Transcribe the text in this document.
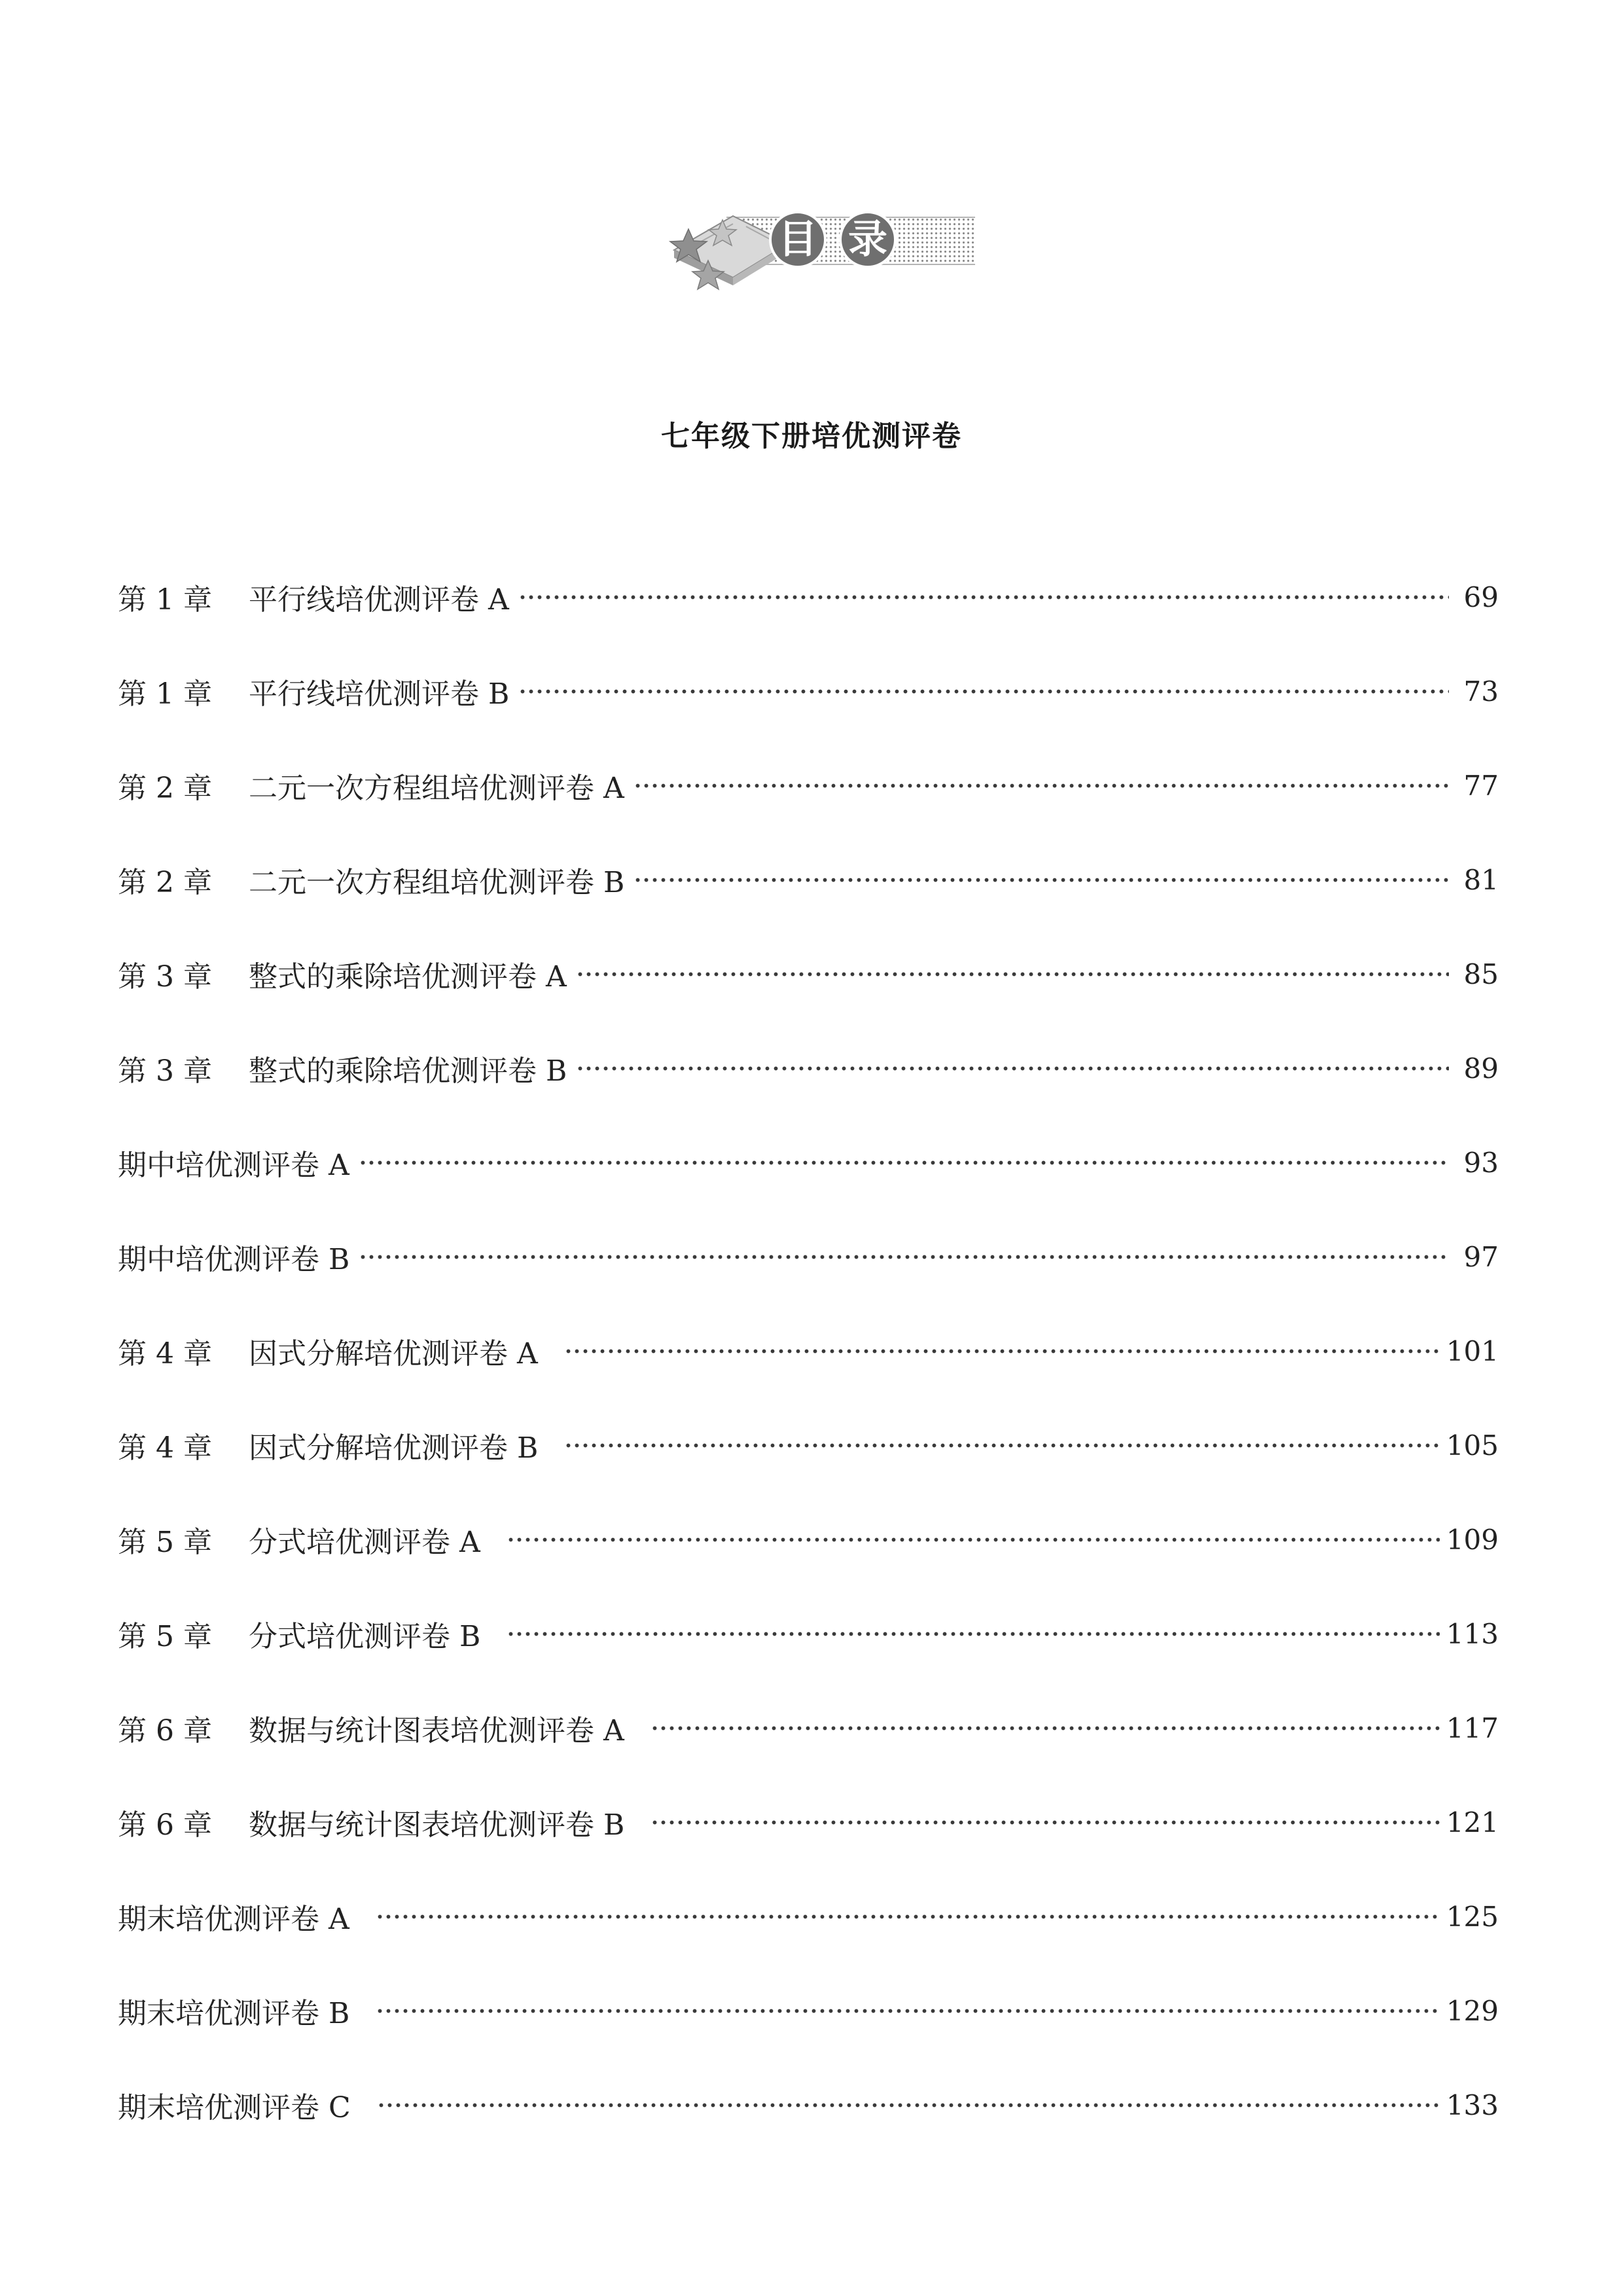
目 录
七年级下册培优测评卷
第 1 章 平行线培优测评卷 A	69
第 1 章 平行线培优测评卷 B	73
第 2 章 二元一次方程组培优测评卷 A	77
第 2 章 二元一次方程组培优测评卷 B	81
第 3 章 整式的乘除培优测评卷 A	85
第 3 章 整式的乘除培优测评卷 B	89
期中培优测评卷 A	93
期中培优测评卷 B	97
第 4 章 因式分解培优测评卷 A	101
第 4 章 因式分解培优测评卷 B	105
第 5 章 分式培优测评卷 A	109
第 5 章 分式培优测评卷 B	113
第 6 章 数据与统计图表培优测评卷 A	117
第 6 章 数据与统计图表培优测评卷 B	121
期末培优测评卷 A	125
期末培优测评卷 B	129
期末培优测评卷 C	133
